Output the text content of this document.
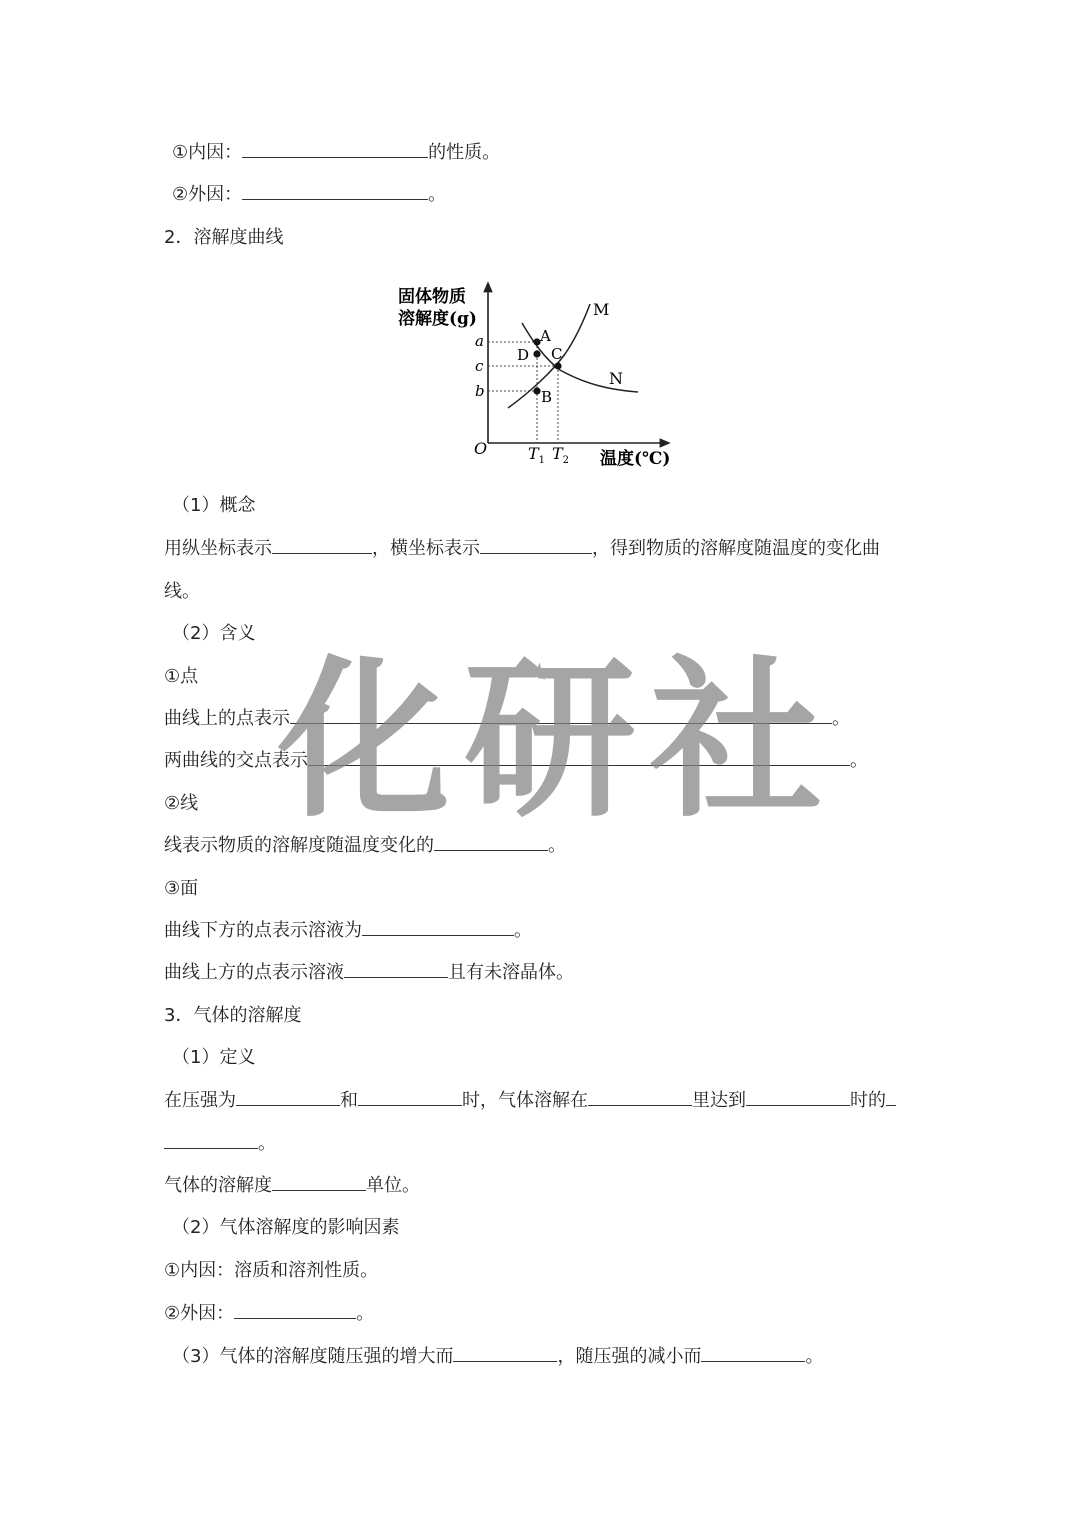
①内因：	的性质。
②外因：	。
2．溶解度曲线
固体物质
溶解度(g)
温度(℃)
O
a
c
b
$T_1$ $T_2$
M
N
A
D C
B
（1）概念
用纵坐标表示	，横坐标表示	，得到物质的溶解度随温度的变化曲
线。
（2）含义
①点
曲线上的点表示	。
两曲线的交点表示	。
②线
线表示物质的溶解度随温度变化的	。
③面
曲线下方的点表示溶液为	。
曲线上方的点表示溶液	且有未溶晶体。
3．气体的溶解度
（1）定义
在压强为	和	时，气体溶解在	里达到	时的
。
气体的溶解度	单位。
（2）气体溶解度的影响因素
①内因：溶质和溶剂性质。
②外因：	。
（3）气体的溶解度随压强的增大而	，随压强的减小而	。
化研社
